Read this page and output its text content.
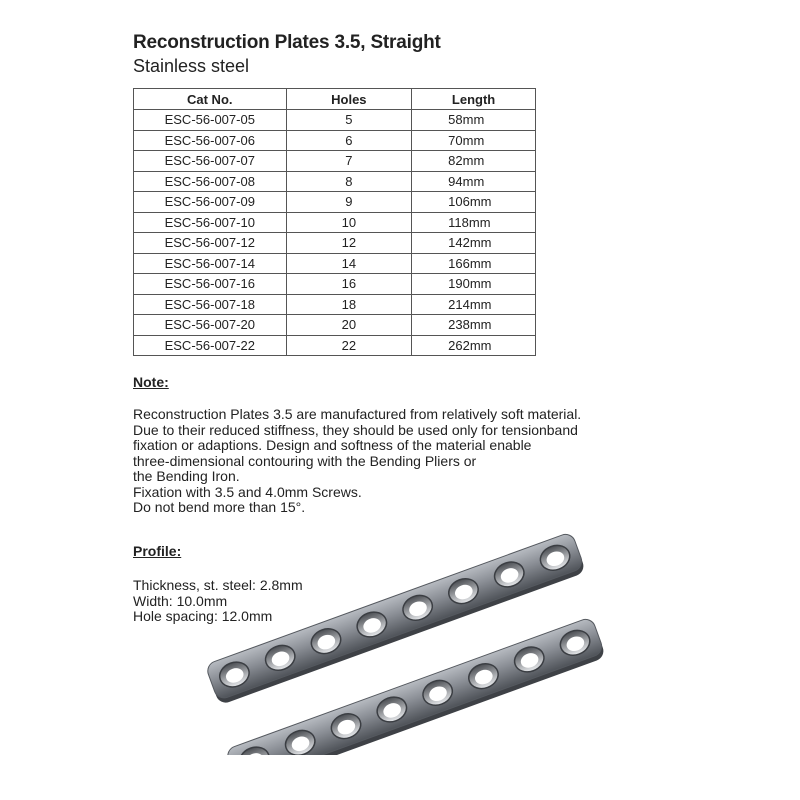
Reconstruction Plates 3.5, Straight
Stainless steel
Cat No.	Holes	Length
ESC-56-007-05	5	58mm
ESC-56-007-06	6	70mm
ESC-56-007-07	7	82mm
ESC-56-007-08	8	94mm
ESC-56-007-09	9	106mm
ESC-56-007-10	10	118mm
ESC-56-007-12	12	142mm
ESC-56-007-14	14	166mm
ESC-56-007-16	16	190mm
ESC-56-007-18	18	214mm
ESC-56-007-20	20	238mm
ESC-56-007-22	22	262mm
Note:
Reconstruction Plates 3.5 are manufactured from relatively soft material.
Due to their reduced stiffness, they should be used only for tensionband
fixation or adaptions. Design and softness of the material enable
three-dimensional contouring with the Bending Pliers or
the Bending Iron.
Fixation with 3.5 and 4.0mm Screws.
Do not bend more than 15°.
Profile:
Thickness, st. steel: 2.8mm
Width: 10.0mm
Hole spacing: 12.0mm
